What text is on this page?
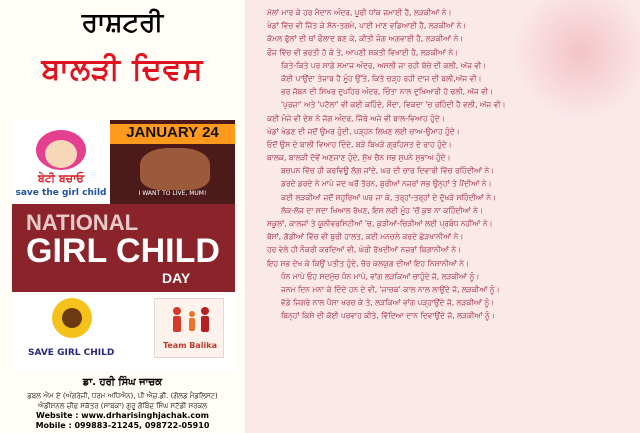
ਰਾਸ਼ਟਰੀ
ਬਾਲੜੀ ਦਿਵਸ
ਬੇਟੀ ਬਚਾਓ
save the girl child
JANUARY 24
I WANT TO LIVE, MUM!
NATIONAL
GIRL CHILD
DAY
SAVE GIRL CHILD
Team Balika
ਡਾ. ਹਰੀ ਸਿੰਘ ਜਾਚਕ
ਡਬਲ ਐਮ ਏ (ਅੰਗਰੇਜ਼ੀ, ਧਰਮ ਅਧਿਐਨ), ਪੀ ਐਚ.ਡੀ. (ਗੋਲਡ ਮੈਡਲਿਸਟ)
ਐਡੀਸ਼ਨਲ ਚੀਫ਼ ਸਕੱਤਰ (ਸਾਬਕਾ) ਗੁਰੂ ਗੋਬਿੰਦ ਸਿੰਘ ਸਟੱਡੀ ਸਰਕਲ
Website : www.drharisinghjachak.com
Mobile : 099883-21245, 098722-05910
ਮੱਲਾਂ ਮਾਰ ਕੇ ਹਰ ਮੈਦਾਨ ਅੰਦਰ, ਪੂਰੀ ਧਾਂਕ ਜਮਾਈ ਹੈ, ਲੜਕੀਆਂ ਨੇ।
ਖੇਡਾਂ ਵਿੱਚ ਵੀ ਜਿੱਤ ਕੇ ਸੋਨ-ਤਗਮੇ, ਪਾਈ ਮਾਣ ਵਡਿਆਈ ਹੈ, ਲੜਕੀਆਂ ਨੇ।
ਕੋਮਲ ਫੁੱਲਾਂ ਦੀ ਥਾਂ ਫੌਲਾਦ ਬਣ ਕੇ, ਕੀਤੀ ਜੰਗ ਅਗਵਾਈ ਹੈ, ਲੜਕੀਆਂ ਨੇ।
ਫੌਜ ਵਿੱਚ ਵੀ ਭਰਤੀ ਹੋ ਕੇ ਤੇ, ਆਪਣੀ ਸ਼ਕਤੀ ਵਿਖਾਈ ਹੈ, ਲੜਕੀਆਂ ਨੇ।
ਕਿਤੇ-ਕਿਤੇ ਪਰ ਸਾਡੇ ਸਮਾਜ ਅੰਦਰ, ਅਸਲੀ ਜਾ ਰਹੀ ਬੱਚੇ ਦੀ ਕਲੀ, ਅੱਜ ਵੀ।
ਕੋਈ ਪਾਉਂਦਾ ਤੇਜ਼ਾਬ ਹੈ ਮੂੰਹ ਉੱਤੇ, ਕਿਤੇ ਚੜ੍ਹ ਰਹੀ ਦਾਜ ਦੀ ਬਲੀ,ਅੱਜ ਵੀ।
ਭਰ ਜੋਬਨ ਦੀ ਸਿਖਰ ਦੁਪਹਿਰ ਅੰਦਰ, ਚਿੰਤਾ ਨਾਲ ਦੁਖਿਆਰੀ ਹੋ ਢਲੀ, ਅੱਜ ਵੀ।
'ਪੁਰਜ਼ਾ' ਅਤੇ 'ਪਟੋਲਾ' ਵੀ ਕਈ ਕਹਿੰਦੇ, ਸੌਦਾ, ਵਿਕਦਾ 'ਚ ਰਹਿੰਦੀ ਹੈ ਵਲੀ, ਅੱਜ ਵੀ।
ਕਈ ਮੰਜੇ ਵੀ ਦੇਸ਼ ਨੇ ਜੱਗ ਅੰਦਰ, ਜਿੱਥੇ ਅਜੇ ਵੀ ਬਾਲ-ਵਿਆਹ ਹੁੰਦੇ।
ਖੇਡਾਂ ਖੇਡਣ ਦੀ ਜਦੋਂ ਉਮਰ ਹੁੰਦੀ, ਪੜ੍ਹਨ ਲਿਖਣ ਲਈ ਚਾਅ-ਉਮਾਹ ਹੁੰਦੇ।
ਓਦੋਂ ਉਸ ਦੇ ਬਾਲੀ ਵਿਆਹ ਦਿੰਦੇ, ਬੜੇ ਬਿਖੜੇ ਗ੍ਰਹਿਸਤ ਦੇ ਰਾਹ ਹੁੰਦੇ।
ਬਾਲਕ, ਬਾਲੜੀ ਦੋਵੇਂ ਅਣਜਾਣ ਹੁੰਦੇ, ਸੁੱਖ ਚੈਨ ਸਭ ਸੁਪਨੇ ਸੁਭਾਅ ਹੁੰਦੇ।
ਬਚਪਨ ਵਿੱਚ ਹੀ ਕਰਵਿਊ ਲੱਗ ਜਾਂਦੇ, ਘਰ ਦੀ ਚਾਰ ਦਿਵਾਰੀ ਵਿੱਚ ਰਹਿੰਦੀਆਂ ਨੇ।
ਡਰਦੇ ਡਰਦੇ ਨੇ ਮਾਪੇ ਜਦ ਘਰੋਂ ਤੋਰਨ, ਬੁਰੀਆਂ ਨਜ਼ਰਾਂ ਸਭ ਉਨ੍ਹਾਂ ਤੇ ਪੈਂਦੀਆਂ ਨੇ।
ਕਈ ਲੜਕੀਆਂ ਜਦੋਂ ਸਹੁਰਿਆਂ ਘਰ ਜਾ ਕੇ, ਤਰ੍ਹਾਂ-ਤਰ੍ਹਾਂ ਦੇ ਦੁੱਖੜੇ ਸਹਿੰਦੀਆਂ ਨੇ।
ਲੋਕ-ਲੱਜ ਦਾ ਸਦਾ ਖਿਆਲ ਰੱਖਣ, ਇਸ ਲਈ ਮੂੰਹ 'ਚੋਂ ਕੁਝ ਨਾ ਕਹਿੰਦੀਆਂ ਨੇ।
ਸਕੂਲਾਂ, ਕਾਲਜਾਂ ਤੇ ਯੂਨੀਵਰਸਿਟੀਆਂ 'ਚ, ਕੁੜੀਆਂ-ਚਿੜੀਆਂ ਲਈ ਪ੍ਰਬੰਧ ਨਹੀਂਆਂ ਨੇ।
ਬੱਸਾਂ, ਗੱਡੀਆਂ ਵਿੱਚ ਵੀ ਬੁਰੀ ਹਾਲਤ, ਕਈ ਮਨਚਲੇ ਕਰਦੇ ਛੇੜਖਾਨੀਆਂ ਨੇ।
ਹਰ ਵੇਲੇ ਹੀ ਨੌਕਰੀ ਕਰਦਿਆਂ ਵੀ, ਘੇਰੀ ਰੱਖਦੀਆਂ ਨਜ਼ਰਾਂ ਬਿਗਾਨੀਆਂ ਨੇ।
ਇਹ ਸਭ ਦੇਖ ਕੇ ਕਿਉਂ ਪਤੀਤ ਹੁੰਦੇ, ਚੋਰ ਕਲਯੁਗ ਦੀਆਂ ਇਹ ਨਿਸ਼ਾਨੀਆਂ ਨੇ।
ਧੰਨ ਮਾਪੇ ਓਹ ਸਦਮੁੱਚ ਧੰਨ ਮਾਪੇ, ਵਾਂਗ ਲੜਕਿਆਂ ਚਾਹੁੰਦੇ ਜੋ, ਲੜਕੀਆਂ ਨੂੰ।
ਜਨਮ ਦਿਨ ਮਨਾ ਕੇ ਦਿੰਦੇ ਹਨ ਦੇ ਵੀ, 'ਜਾਚਕ' ਕਾਲ ਨਾਲ ਲਾਉਂਦੇ ਜੋ, ਲੜਕੀਆਂ ਨੂੰ।
ਵੱਡੇ ਜਿਗਰੇ ਨਾਲ ਪੈਸਾ ਖਰਚ ਕੇ ਤੇ, ਲੜਕਿਆਂ ਵਾਂਗ ਪੜ੍ਹਾਉਂਦੇ ਜੋ, ਲੜਕੀਆਂ ਨੂੰ।
ਬਿਨ੍ਹਾਂ ਕਿਸੇ ਦੀ ਕੋਈ ਪਰਵਾਹ ਕੀਤੇ, ਵਿੱਦਿਆ ਦਾਨ ਦਿਵਾਉਂਦੇ ਜੋ, ਲੜਕੀਆਂ ਨੂੰ।
